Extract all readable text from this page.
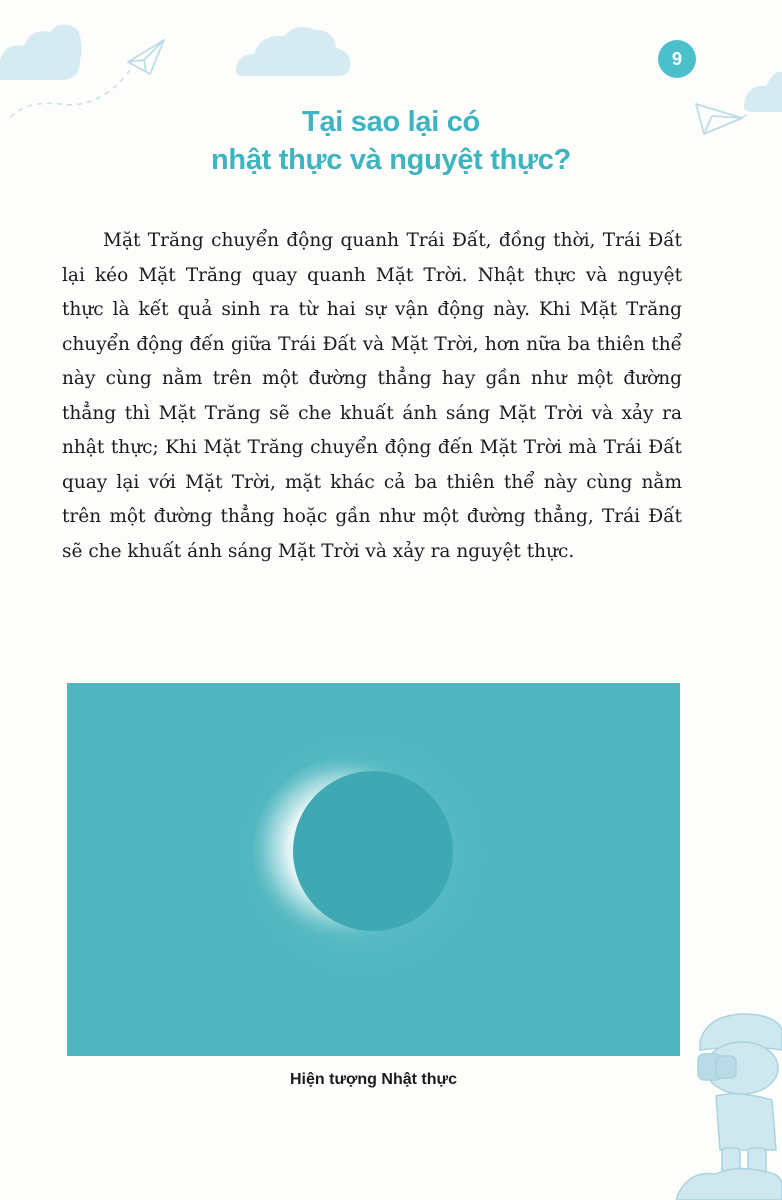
9
Tại sao lại có
nhật thực và nguyệt thực?

Mặt Trăng chuyển động quanh Trái Đất, đồng thời, Trái Đất lại kéo Mặt Trăng quay quanh Mặt Trời. Nhật thực và nguyệt thực là kết quả sinh ra từ hai sự vận động này. Khi Mặt Trăng chuyển động đến giữa Trái Đất và Mặt Trời, hơn nữa ba thiên thể này cùng nằm trên một đường thẳng hay gần như một đường thẳng thì Mặt Trăng sẽ che khuất ánh sáng Mặt Trời và xảy ra nhật thực; Khi Mặt Trăng chuyển động đến Mặt Trời mà Trái Đất quay lại với Mặt Trời, mặt khác cả ba thiên thể này cùng nằm trên một đường thẳng hoặc gần như một đường thẳng, Trái Đất sẽ che khuất ánh sáng Mặt Trời và xảy ra nguyệt thực.

Hiện tượng Nhật thực
